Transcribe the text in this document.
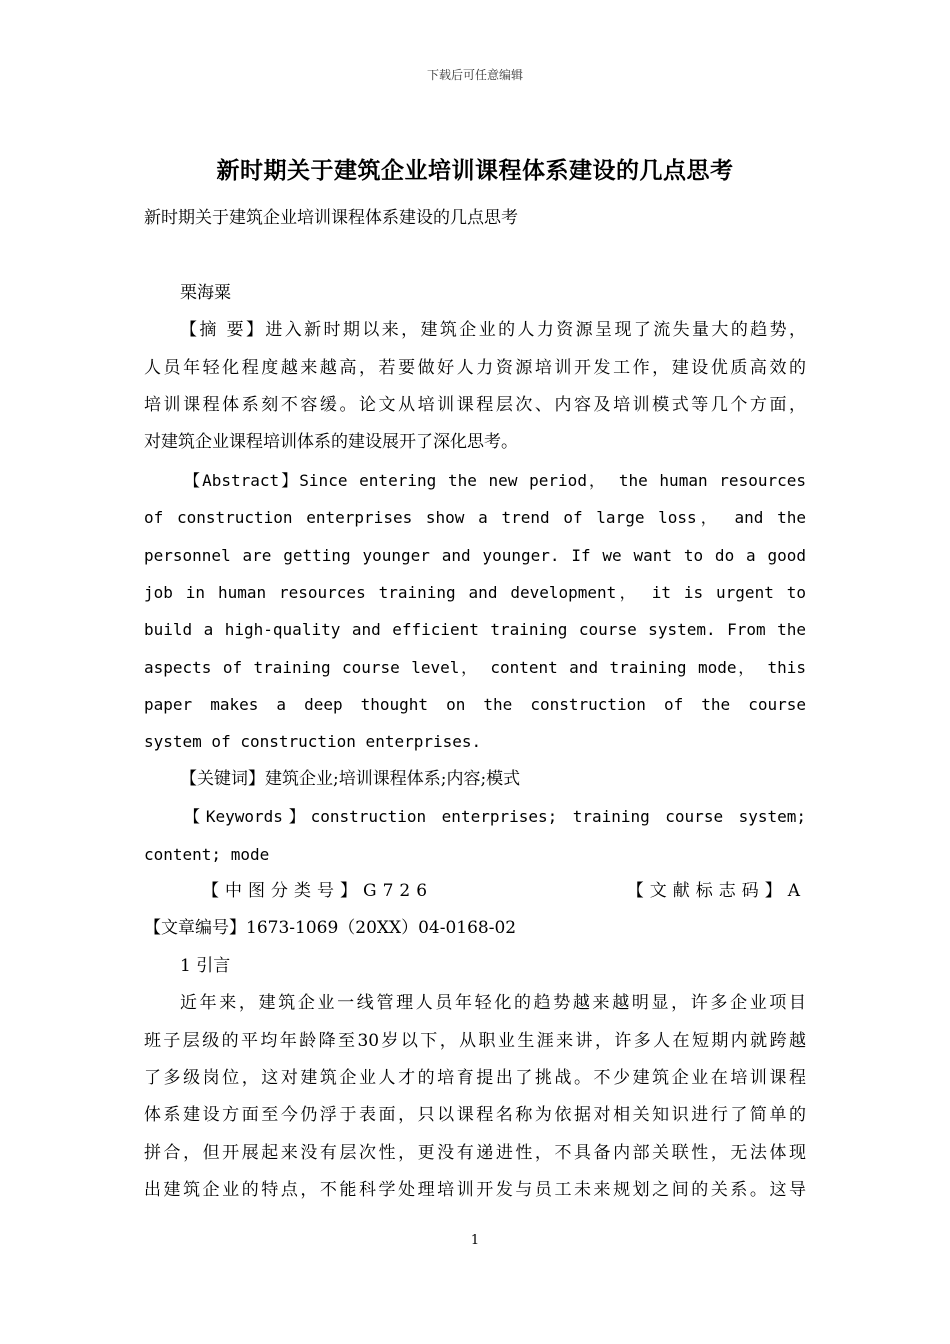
下载后可任意编辑
新时期关于建筑企业培训课程体系建设的几点思考
新时期关于建筑企业培训课程体系建设的几点思考
栗海粟
【摘 要】进入新时期以来，建筑企业的人力资源呈现了流失量大的趋势，
人员年轻化程度越来越高，若要做好人力资源培训开发工作，建设优质高效的
培训课程体系刻不容缓。论文从培训课程层次、内容及培训模式等几个方面，
对建筑企业课程培训体系的建设展开了深化思考。
【Abstract】Since entering the new period， the human resources
of construction enterprises show a trend of large loss， and the
personnel are getting younger and younger. If we want to do a good
job in human resources training and development， it is urgent to
build a high-quality and efficient training course system. From the
aspects of training course level， content and training mode， this
paper makes a deep thought on the construction of the course
system of construction enterprises.
【关键词】建筑企业;培训课程体系;内容;模式
【Keywords】construction enterprises; training course system;
content; mode
【中图分类号】G726	【文献标志码】A
【文章编号】1673-1069（20XX）04-0168-02
1 引言
近年来，建筑企业一线管理人员年轻化的趋势越来越明显，许多企业项目
班子层级的平均年龄降至30岁以下，从职业生涯来讲，许多人在短期内就跨越
了多级岗位，这对建筑企业人才的培育提出了挑战。不少建筑企业在培训课程
体系建设方面至今仍浮于表面，只以课程名称为依据对相关知识进行了简单的
拼合，但开展起来没有层次性，更没有递进性，不具备内部关联性，无法体现
出建筑企业的特点，不能科学处理培训开发与员工未来规划之间的关系。这导
1
